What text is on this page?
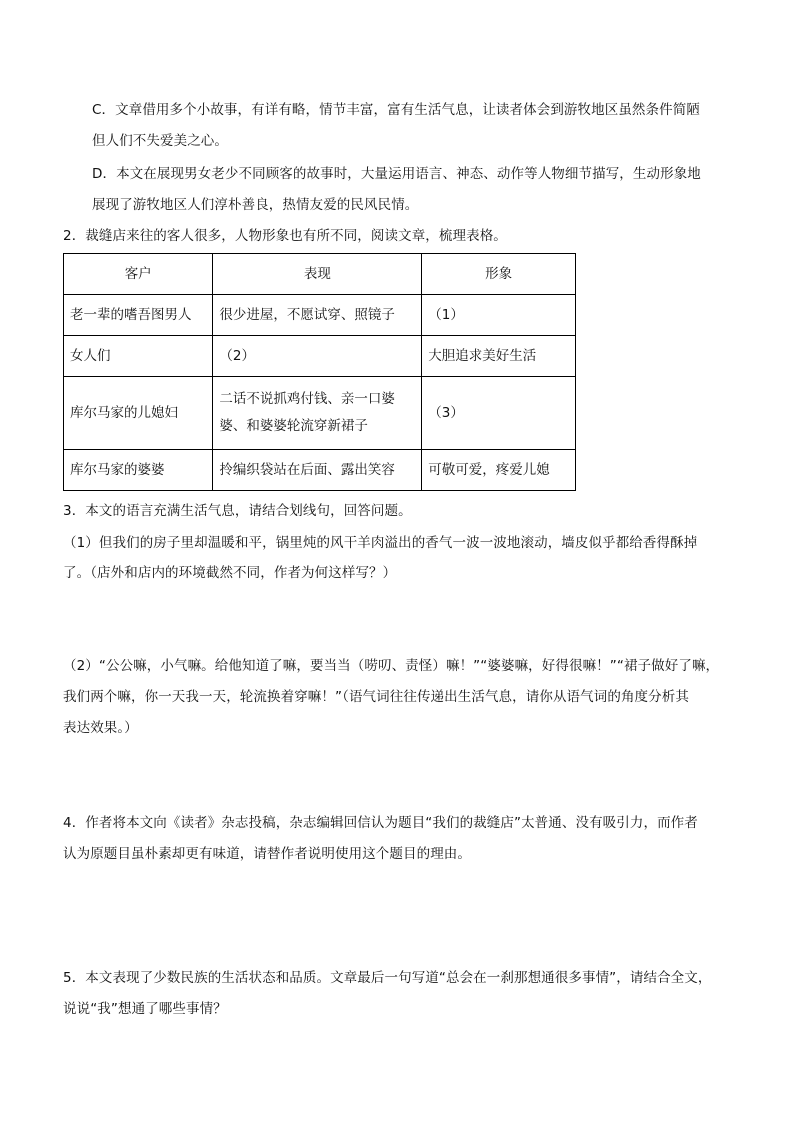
C．文章借用多个小故事，有详有略，情节丰富，富有生活气息，让读者体会到游牧地区虽然条件简陋
但人们不失爱美之心。
D．本文在展现男女老少不同顾客的故事时，大量运用语言、神态、动作等人物细节描写，生动形象地
展现了游牧地区人们淳朴善良，热情友爱的民风民情。
2．裁缝店来往的客人很多，人物形象也有所不同，阅读文章，梳理表格。
客户	表现	形象
老一辈的嗜吾图男人	很少进屋，不愿试穿、照镜子	（1）
女人们	（2）	大胆追求美好生活
库尔马家的儿媳妇	二话不说抓鸡付钱、亲一口婆婆、和婆婆轮流穿新裙子	（3）
库尔马家的婆婆	拎编织袋站在后面、露出笑容	可敬可爱，疼爱儿媳
3．本文的语言充满生活气息，请结合划线句，回答问题。
（1）但我们的房子里却温暖和平，锅里炖的风干羊肉溢出的香气一波一波地滚动，墙皮似乎都给香得酥掉
了。（店外和店内的环境截然不同，作者为何这样写？）
（2）“公公嘛，小气嘛。给他知道了嘛，要当当（唠叨、责怪）嘛！”“婆婆嘛，好得很嘛！”“裙子做好了嘛，
我们两个嘛，你一天我一天，轮流换着穿嘛！”（语气词往往传递出生活气息，请你从语气词的角度分析其
表达效果。）
4．作者将本文向《读者》杂志投稿，杂志编辑回信认为题目“我们的裁缝店”太普通、没有吸引力，而作者
认为原题目虽朴素却更有味道，请替作者说明使用这个题目的理由。
5．本文表现了少数民族的生活状态和品质。文章最后一句写道“总会在一刹那想通很多事情”，请结合全文，
说说“我”想通了哪些事情？
